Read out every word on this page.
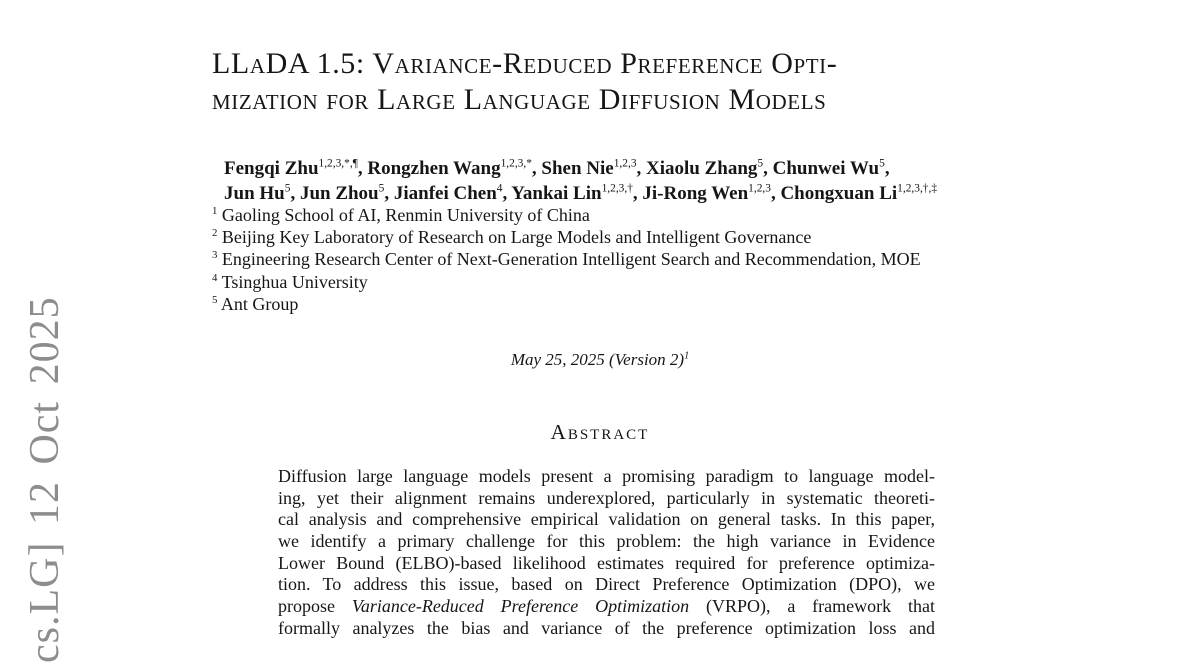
cs.LG] 12 Oct 2025
LLaDA 1.5: Variance-Reduced Preference Opti-
mization for Large Language Diffusion Models
Fengqi Zhu$^{1,2,3,*,\P}$, Rongzhen Wang$^{1,2,3,*}$, Shen Nie$^{1,2,3}$, Xiaolu Zhang$^5$, Chunwei Wu$^5$,
Jun Hu$^5$, Jun Zhou$^5$, Jianfei Chen$^4$, Yankai Lin$^{1,2,3,\dagger}$, Ji-Rong Wen$^{1,2,3}$, Chongxuan $Li^{1,2,3,\dagger,\ddagger}$
$^1$ Gaoling School of AI, Renmin University of China
$^2$ Beijing Key Laboratory of Research on Large Models and Intelligent Governance
$^3$ Engineering Research Center of Next-Generation Intelligent Search and Recommendation, MOE
$^4$ Tsinghua University
$^5$ Ant Group
May 25, 2025 (Version 2)$^1$
Abstract
Diffusion large language models present a promising paradigm to language model-
ing, yet their alignment remains underexplored, particularly in systematic theoreti-
cal analysis and comprehensive empirical validation on general tasks. In this paper,
we identify a primary challenge for this problem: the high variance in Evidence
Lower Bound (ELBO)-based likelihood estimates required for preference optimiza-
tion. To address this issue, based on Direct Preference Optimization (DPO), we
propose Variance-Reduced Preference Optimization (VRPO), a framework that
formally analyzes the bias and variance of the preference optimization loss and
